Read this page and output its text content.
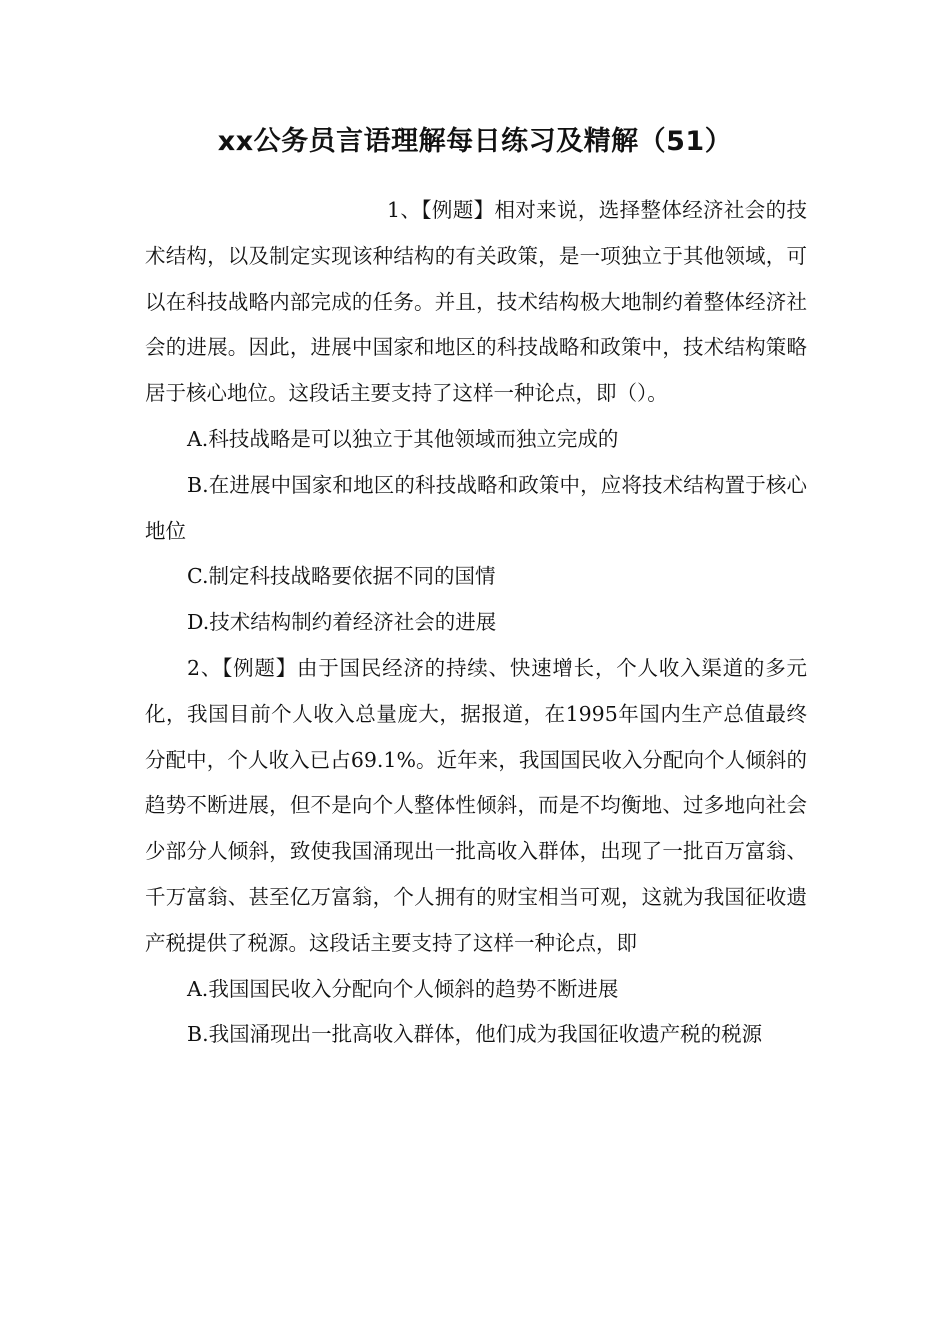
xx公务员言语理解每日练习及精解（51）

1、【例题】相对来说，选择整体经济社会的技术结构，以及制定实现该种结构的有关政策，是一项独立于其他领域，可以在科技战略内部完成的任务。并且，技术结构极大地制约着整体经济社会的进展。因此，进展中国家和地区的科技战略和政策中，技术结构策略居于核心地位。这段话主要支持了这样一种论点，即（）。

A.科技战略是可以独立于其他领域而独立完成的

B.在进展中国家和地区的科技战略和政策中，应将技术结构置于核心地位

C.制定科技战略要依据不同的国情

D.技术结构制约着经济社会的进展

2、【例题】由于国民经济的持续、快速增长，个人收入渠道的多元化，我国目前个人收入总量庞大，据报道，在1995年国内生产总值最终分配中，个人收入已占69.1%。近年来，我国国民收入分配向个人倾斜的趋势不断进展，但不是向个人整体性倾斜，而是不均衡地、过多地向社会少部分人倾斜，致使我国涌现出一批高收入群体，出现了一批百万富翁、千万富翁、甚至亿万富翁，个人拥有的财宝相当可观，这就为我国征收遗产税提供了税源。这段话主要支持了这样一种论点，即

A.我国国民收入分配向个人倾斜的趋势不断进展

B.我国涌现出一批高收入群体，他们成为我国征收遗产税的税源
